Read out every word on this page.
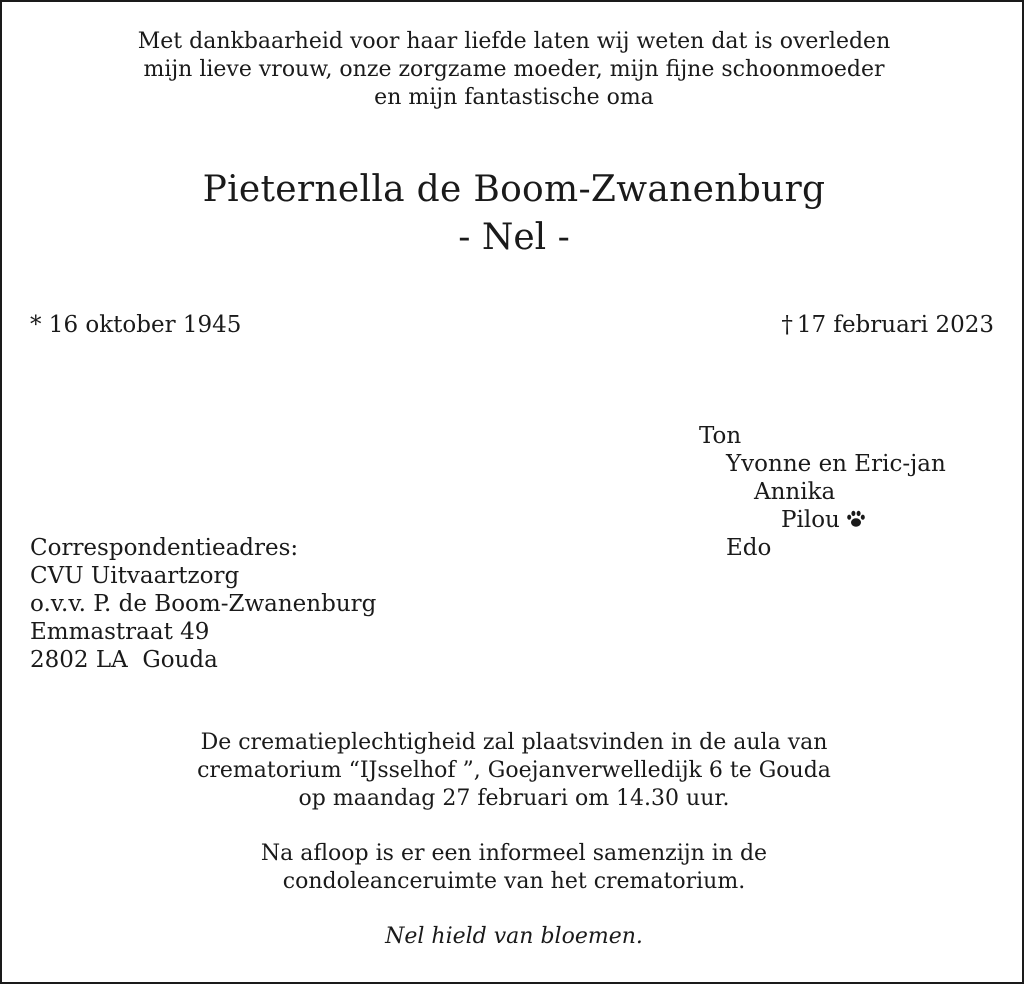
Met dankbaarheid voor haar liefde laten wij weten dat is overleden
mijn lieve vrouw, onze zorgzame moeder, mijn fijne schoonmoeder
en mijn fantastische oma
Pieternella de Boom-Zwanenburg
- Nel -
* 16 oktober 1945	† 17 februari 2023
Ton
Yvonne en Eric-jan
Annika
Pilou
Edo
Correspondentieadres:
CVU Uitvaartzorg
o.v.v. P. de Boom-Zwanenburg
Emmastraat 49
2802 LA  Gouda
De crematieplechtigheid zal plaatsvinden in de aula van
crematorium “IJsselhof ”, Goejanverwelledijk 6 te Gouda
op maandag 27 februari om 14.30 uur.
Na afloop is er een informeel samenzijn in de
condoleanceruimte van het crematorium.
Nel hield van bloemen.
